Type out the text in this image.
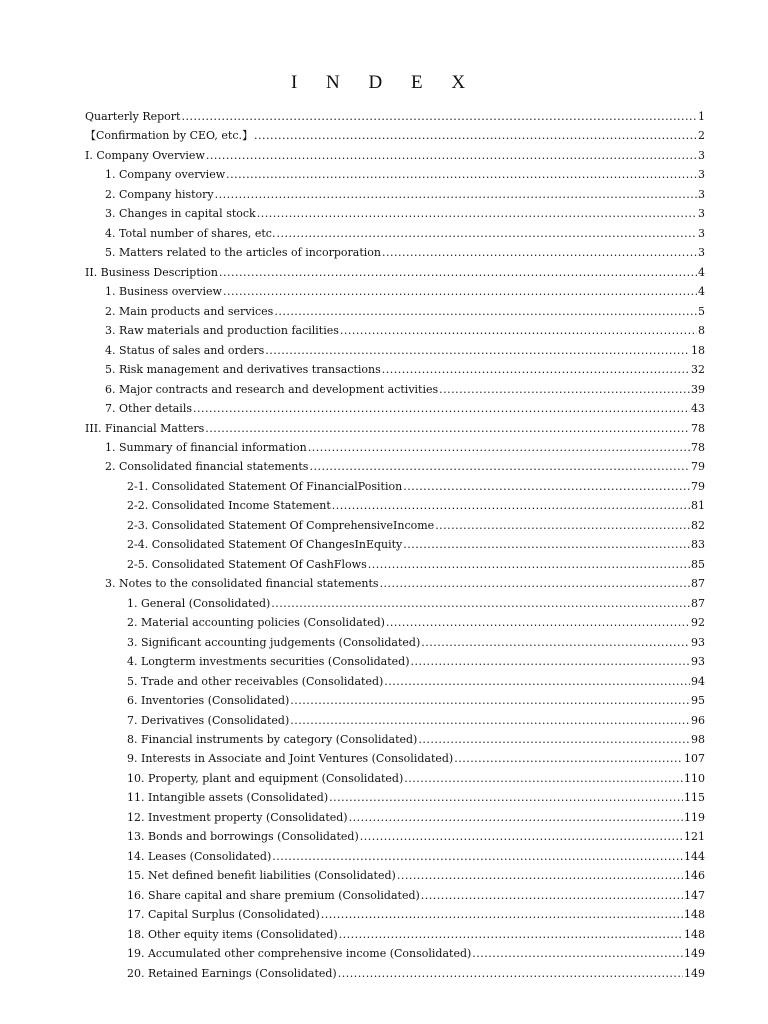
I N D E X
Quarterly Report .....	1
【Confirmation by CEO, etc.】 .....	2
I. Company Overview .....	3
1. Company overview .....	3
2. Company history .....	3
3. Changes in capital stock .....	3
4. Total number of shares, etc. .....	3
5. Matters related to the articles of incorporation .....	3
II. Business Description .....	4
1. Business overview .....	4
2. Main products and services .....	5
3. Raw materials and production facilities .....	8
4. Status of sales and orders .....	18
5. Risk management and derivatives transactions .....	32
6. Major contracts and research and development activities .....	39
7. Other details .....	43
III. Financial Matters .....	78
1. Summary of financial information .....	78
2. Consolidated financial statements .....	79
2-1. Consolidated Statement Of FinancialPosition .....	79
2-2. Consolidated Income Statement .....	81
2-3. Consolidated Statement Of ComprehensiveIncome .....	82
2-4. Consolidated Statement Of ChangesInEquity .....	83
2-5. Consolidated Statement Of CashFlows .....	85
3. Notes to the consolidated financial statements .....	87
1. General (Consolidated) .....	87
2. Material accounting policies (Consolidated) .....	92
3. Significant accounting judgements (Consolidated) .....	93
4. Longterm investments securities (Consolidated) .....	93
5. Trade and other receivables (Consolidated) .....	94
6. Inventories (Consolidated) .....	95
7. Derivatives (Consolidated) .....	96
8. Financial instruments by category (Consolidated) .....	98
9. Interests in Associate and Joint Ventures (Consolidated) .....	107
10. Property, plant and equipment (Consolidated) .....	110
11. Intangible assets (Consolidated) .....	115
12. Investment property (Consolidated) .....	119
13. Bonds and borrowings (Consolidated) .....	121
14. Leases (Consolidated) .....	144
15. Net defined benefit liabilities (Consolidated) .....	146
16. Share capital and share premium (Consolidated) .....	147
17. Capital Surplus (Consolidated) .....	148
18. Other equity items (Consolidated) .....	148
19. Accumulated other comprehensive income (Consolidated) .....	149
20. Retained Earnings (Consolidated) .....	149
